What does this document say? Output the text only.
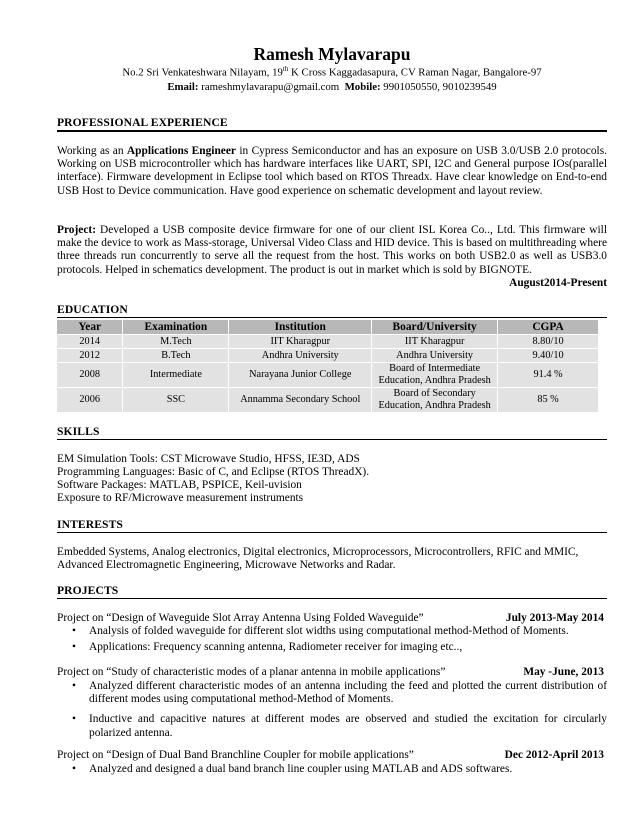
Ramesh Mylavarapu
No.2 Sri Venkateshwara Nilayam, 19th K Cross Kaggadasapura, CV Raman Nagar, Bangalore-97
Email: rameshmylavarapu@gmail.com  Mobile: 9901050550, 9010239549
PROFESSIONAL EXPERIENCE
Working as an Applications Engineer in Cypress Semiconductor and has an exposure on USB 3.0/USB 2.0 protocols. Working on USB microcontroller which has hardware interfaces like UART, SPI, I2C and General purpose IOs(parallel interface). Firmware development in Eclipse tool which based on RTOS Threadx. Have clear knowledge on End-to-end USB Host to Device communication. Have good experience on schematic development and layout review.
Project: Developed a USB composite device firmware for one of our client ISL Korea Co.., Ltd. This firmware will make the device to work as Mass-storage, Universal Video Class and HID device. This is based on multithreading where three threads run concurrently to serve all the request from the host. This works on both USB2.0 as well as USB3.0 protocols. Helped in schematics development. The product is out in market which is sold by BIGNOTE.
August2014-Present
EDUCATION
Year	Examination	Institution	Board/University	CGPA
2014	M.Tech	IIT Kharagpur	IIT Kharagpur	8.80/10
2012	B.Tech	Andhra University	Andhra University	9.40/10
2008	Intermediate	Narayana Junior College	Board of Intermediate Education, Andhra Pradesh	91.4 %
2006	SSC	Annamma Secondary School	Board of Secondary Education, Andhra Pradesh	85 %
SKILLS
EM Simulation Tools: CST Microwave Studio, HFSS, IE3D, ADS
Programming Languages: Basic of C, and Eclipse (RTOS ThreadX).
Software Packages: MATLAB, PSPICE, Keil-uvision
Exposure to RF/Microwave measurement instruments
INTERESTS
Embedded Systems, Analog electronics, Digital electronics, Microprocessors, Microcontrollers, RFIC and MMIC, Advanced Electromagnetic Engineering, Microwave Networks and Radar.
PROJECTS
Project on “Design of Waveguide Slot Array Antenna Using Folded Waveguide”	July 2013-May 2014
• Analysis of folded waveguide for different slot widths using computational method-Method of Moments.
• Applications: Frequency scanning antenna, Radiometer receiver for imaging etc..,
Project on “Study of characteristic modes of a planar antenna in mobile applications”	May -June, 2013
• Analyzed different characteristic modes of an antenna including the feed and plotted the current distribution of different modes using computational method-Method of Moments.
• Inductive and capacitive natures at different modes are observed and studied the excitation for circularly polarized antenna.
Project on “Design of Dual Band Branchline Coupler for mobile applications”	Dec 2012-April 2013
• Analyzed and designed a dual band branch line coupler using MATLAB and ADS softwares.
